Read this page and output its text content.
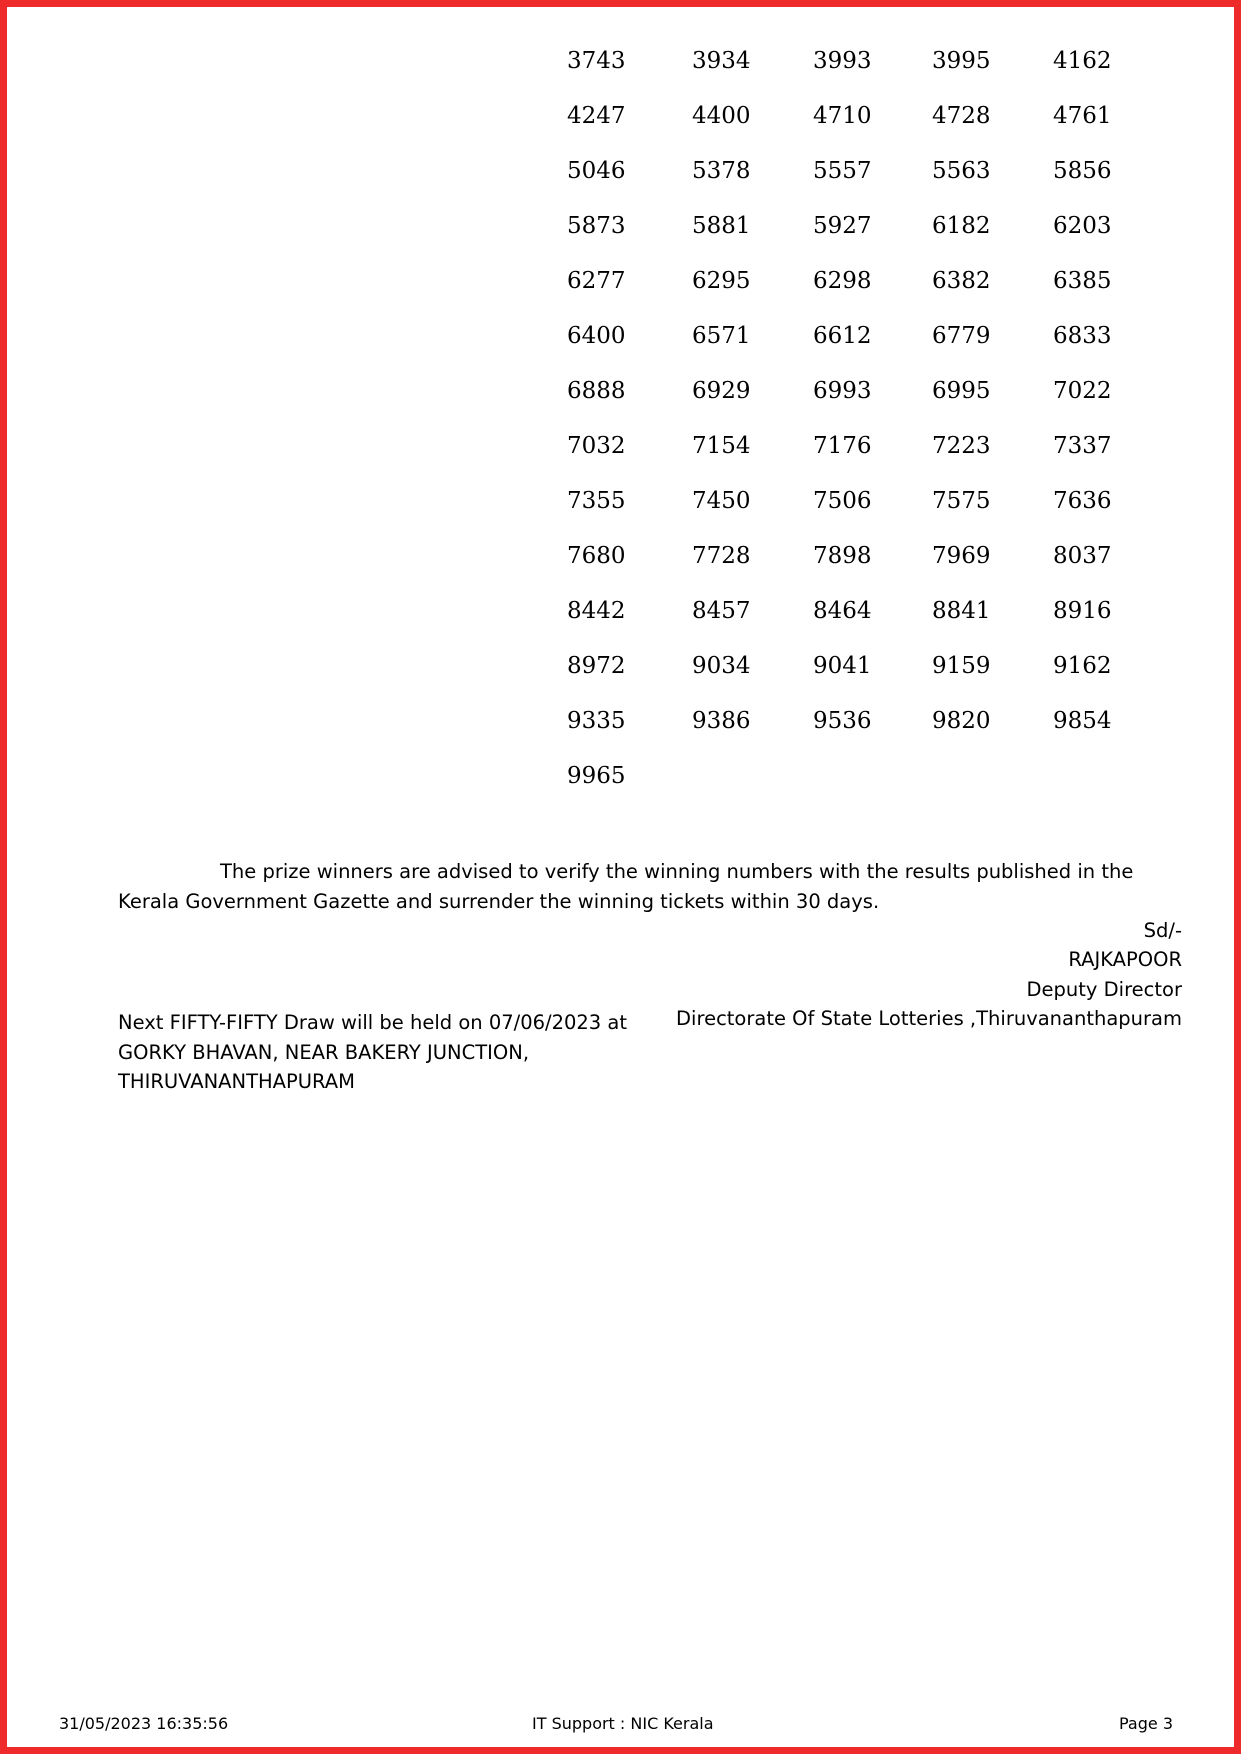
3743	3934	3993	3995	4162
4247	4400	4710	4728	4761
5046	5378	5557	5563	5856
5873	5881	5927	6182	6203
6277	6295	6298	6382	6385
6400	6571	6612	6779	6833
6888	6929	6993	6995	7022
7032	7154	7176	7223	7337
7355	7450	7506	7575	7636
7680	7728	7898	7969	8037
8442	8457	8464	8841	8916
8972	9034	9041	9159	9162
9335	9386	9536	9820	9854
9965
The prize winners are advised to verify the winning numbers with the results published in the Kerala Government Gazette and surrender the winning tickets within 30 days.
Sd/-
RAJKAPOOR
Deputy Director
Directorate Of State Lotteries ,Thiruvananthapuram
Next FIFTY-FIFTY Draw will be held on 07/06/2023 at
GORKY BHAVAN, NEAR BAKERY JUNCTION,
THIRUVANANTHAPURAM
31/05/2023 16:35:56	IT Support : NIC Kerala	Page 3
